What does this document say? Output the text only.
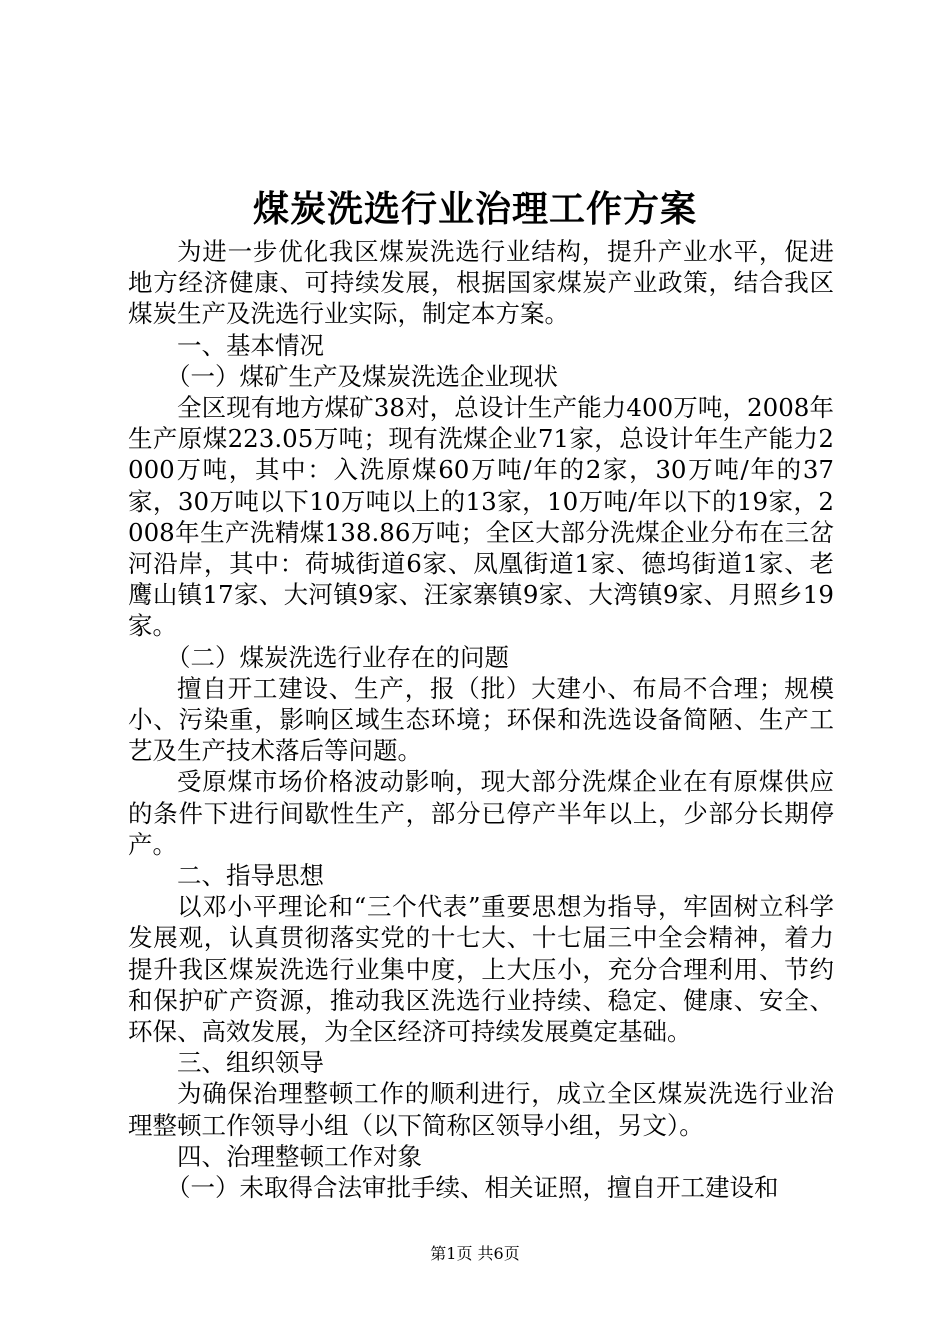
煤炭洗选行业治理工作方案

为进一步优化我区煤炭洗选行业结构，提升产业水平，促进地方经济健康、可持续发展，根据国家煤炭产业政策，结合我区煤炭生产及洗选行业实际，制定本方案。

一、基本情况

（一）煤矿生产及煤炭洗选企业现状

全区现有地方煤矿38对，总设计生产能力400万吨，2008年生产原煤223.05万吨；现有洗煤企业71家，总设计年生产能力2000万吨，其中：入洗原煤60万吨/年的2家，30万吨/年的37家，30万吨以下10万吨以上的13家，10万吨/年以下的19家，2008年生产洗精煤138.86万吨；全区大部分洗煤企业分布在三岔河沿岸，其中：荷城街道6家、凤凰街道1家、德坞街道1家、老鹰山镇17家、大河镇9家、汪家寨镇9家、大湾镇9家、月照乡19家。

（二）煤炭洗选行业存在的问题

擅自开工建设、生产，报（批）大建小、布局不合理；规模小、污染重，影响区域生态环境；环保和洗选设备简陋、生产工艺及生产技术落后等问题。

受原煤市场价格波动影响，现大部分洗煤企业在有原煤供应的条件下进行间歇性生产，部分已停产半年以上，少部分长期停产。

二、指导思想

以邓小平理论和“三个代表”重要思想为指导，牢固树立科学发展观，认真贯彻落实党的十七大、十七届三中全会精神，着力提升我区煤炭洗选行业集中度，上大压小，充分合理利用、节约和保护矿产资源，推动我区洗选行业持续、稳定、健康、安全、环保、高效发展，为全区经济可持续发展奠定基础。

三、组织领导

为确保治理整顿工作的顺利进行，成立全区煤炭洗选行业治理整顿工作领导小组（以下简称区领导小组，另文）。

四、治理整顿工作对象

（一）未取得合法审批手续、相关证照，擅自开工建设和

第1页 共6页
